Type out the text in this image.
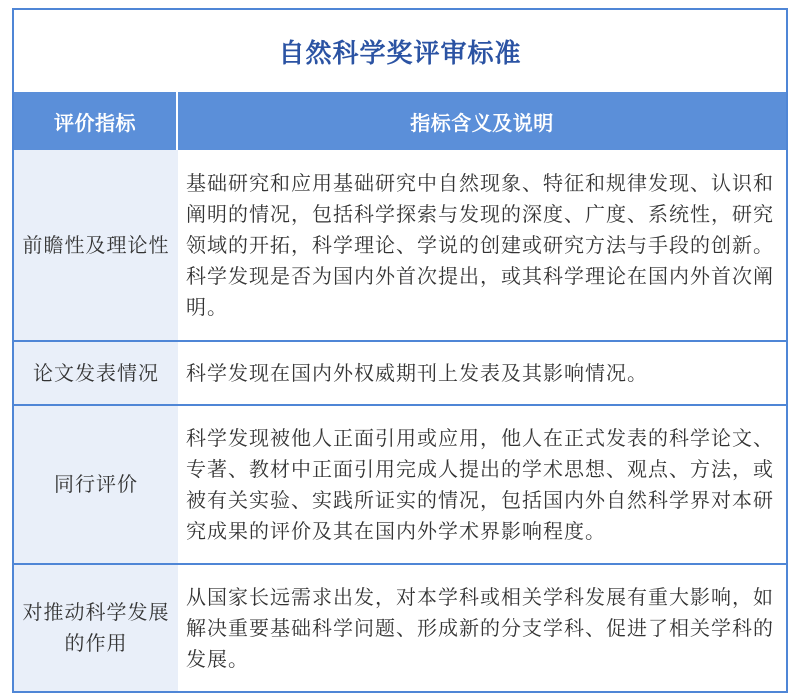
自然科学奖评审标准
评价指标	指标含义及说明
前瞻性及理论性

基础研究和应用基础研究中自然现象、特征和规律发现、认识和阐明的情况，包括科学探索与发现的深度、广度、系统性，研究领域的开拓，科学理论、学说的创建或研究方法与手段的创新。科学发现是否为国内外首次提出，或其科学理论在国内外首次阐明。

论文发表情况 科学发现在国内外权威期刊上发表及其影响情况。

同行评价

科学发现被他人正面引用或应用，他人在正式发表的科学论文、专著、教材中正面引用完成人提出的学术思想、观点、方法，或被有关实验、实践所证实的情况，包括国内外自然科学界对本研究成果的评价及其在国内外学术界影响程度。

对推动科学发展的作用

从国家长远需求出发，对本学科或相关学科发展有重大影响，如解决重要基础科学问题、形成新的分支学科、促进了相关学科的发展。
